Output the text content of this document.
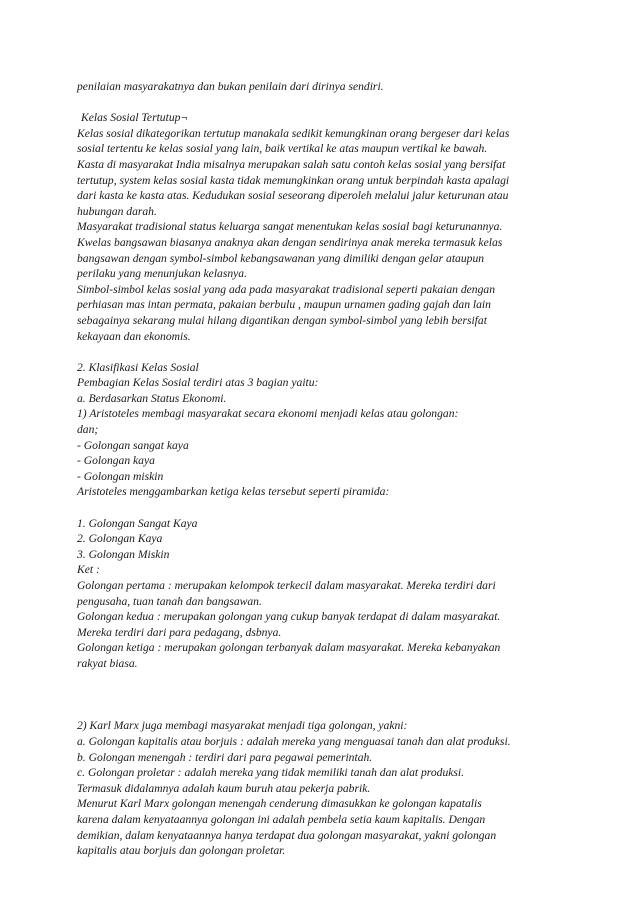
penilaian masyarakatnya dan bukan penilain dari dirinya sendiri.
Kelas Sosial Tertutup¬
Kelas sosial dikategorikan tertutup manakala sedikit kemungkinan orang bergeser dari kelas
sosial tertentu ke kelas sosial yang lain, baik vertikal ke atas maupun vertikal ke bawah.
Kasta di masyarakat India misalnya merupakan salah satu contoh kelas sosial yang bersifat
tertutup, system kelas sosial kasta tidak memungkinkan orang untuk berpindah kasta apalagi
dari kasta ke kasta atas. Kedudukan sosial seseorang diperoleh melalui jalur keturunan atau
hubungan darah.
Masyarakat tradisional status keluarga sangat menentukan kelas sosial bagi keturunannya.
Kwelas bangsawan biasanya anaknya akan dengan sendirinya anak mereka termasuk kelas
bangsawan dengan symbol-simbol kebangsawanan yang dimiliki dengan gelar ataupun
perilaku yang menunjukan kelasnya.
Simbol-simbol kelas sosial yang ada pada masyarakat tradisional seperti pakaian dengan
perhiasan mas intan permata, pakaian berbulu , maupun urnamen gading gajah dan lain
sebagainya sekarang mulai hilang digantikan dengan symbol-simbol yang lebih bersifat
kekayaan dan ekonomis.
2. Klasifikasi Kelas Sosial
Pembagian Kelas Sosial terdiri atas 3 bagian yaitu:
a. Berdasarkan Status Ekonomi.
1) Aristoteles membagi masyarakat secara ekonomi menjadi kelas atau golongan:
dan;
- Golongan sangat kaya
- Golongan kaya
- Golongan miskin
Aristoteles menggambarkan ketiga kelas tersebut seperti piramida:
1. Golongan Sangat Kaya
2. Golongan Kaya
3. Golongan Miskin
Ket :
Golongan pertama : merupakan kelompok terkecil dalam masyarakat. Mereka terdiri dari
pengusaha, tuan tanah dan bangsawan.
Golongan kedua : merupakan golongan yang cukup banyak terdapat di dalam masyarakat.
Mereka terdiri dari para pedagang, dsbnya.
Golongan ketiga : merupakan golongan terbanyak dalam masyarakat. Mereka kebanyakan
rakyat biasa.
2) Karl Marx juga membagi masyarakat menjadi tiga golongan, yakni:
a. Golongan kapitalis atau borjuis : adalah mereka yang menguasai tanah dan alat produksi.
b. Golongan menengah : terdiri dari para pegawai pemerintah.
c. Golongan proletar : adalah mereka yang tidak memiliki tanah dan alat produksi.
Termasuk didalamnya adalah kaum buruh atau pekerja pabrik.
Menurut Karl Marx golongan menengah cenderung dimasukkan ke golongan kapatalis
karena dalam kenyataannya golongan ini adalah pembela setia kaum kapitalis. Dengan
demikian, dalam kenyataannya hanya terdapat dua golongan masyarakat, yakni golongan
kapitalis atau borjuis dan golongan proletar.
